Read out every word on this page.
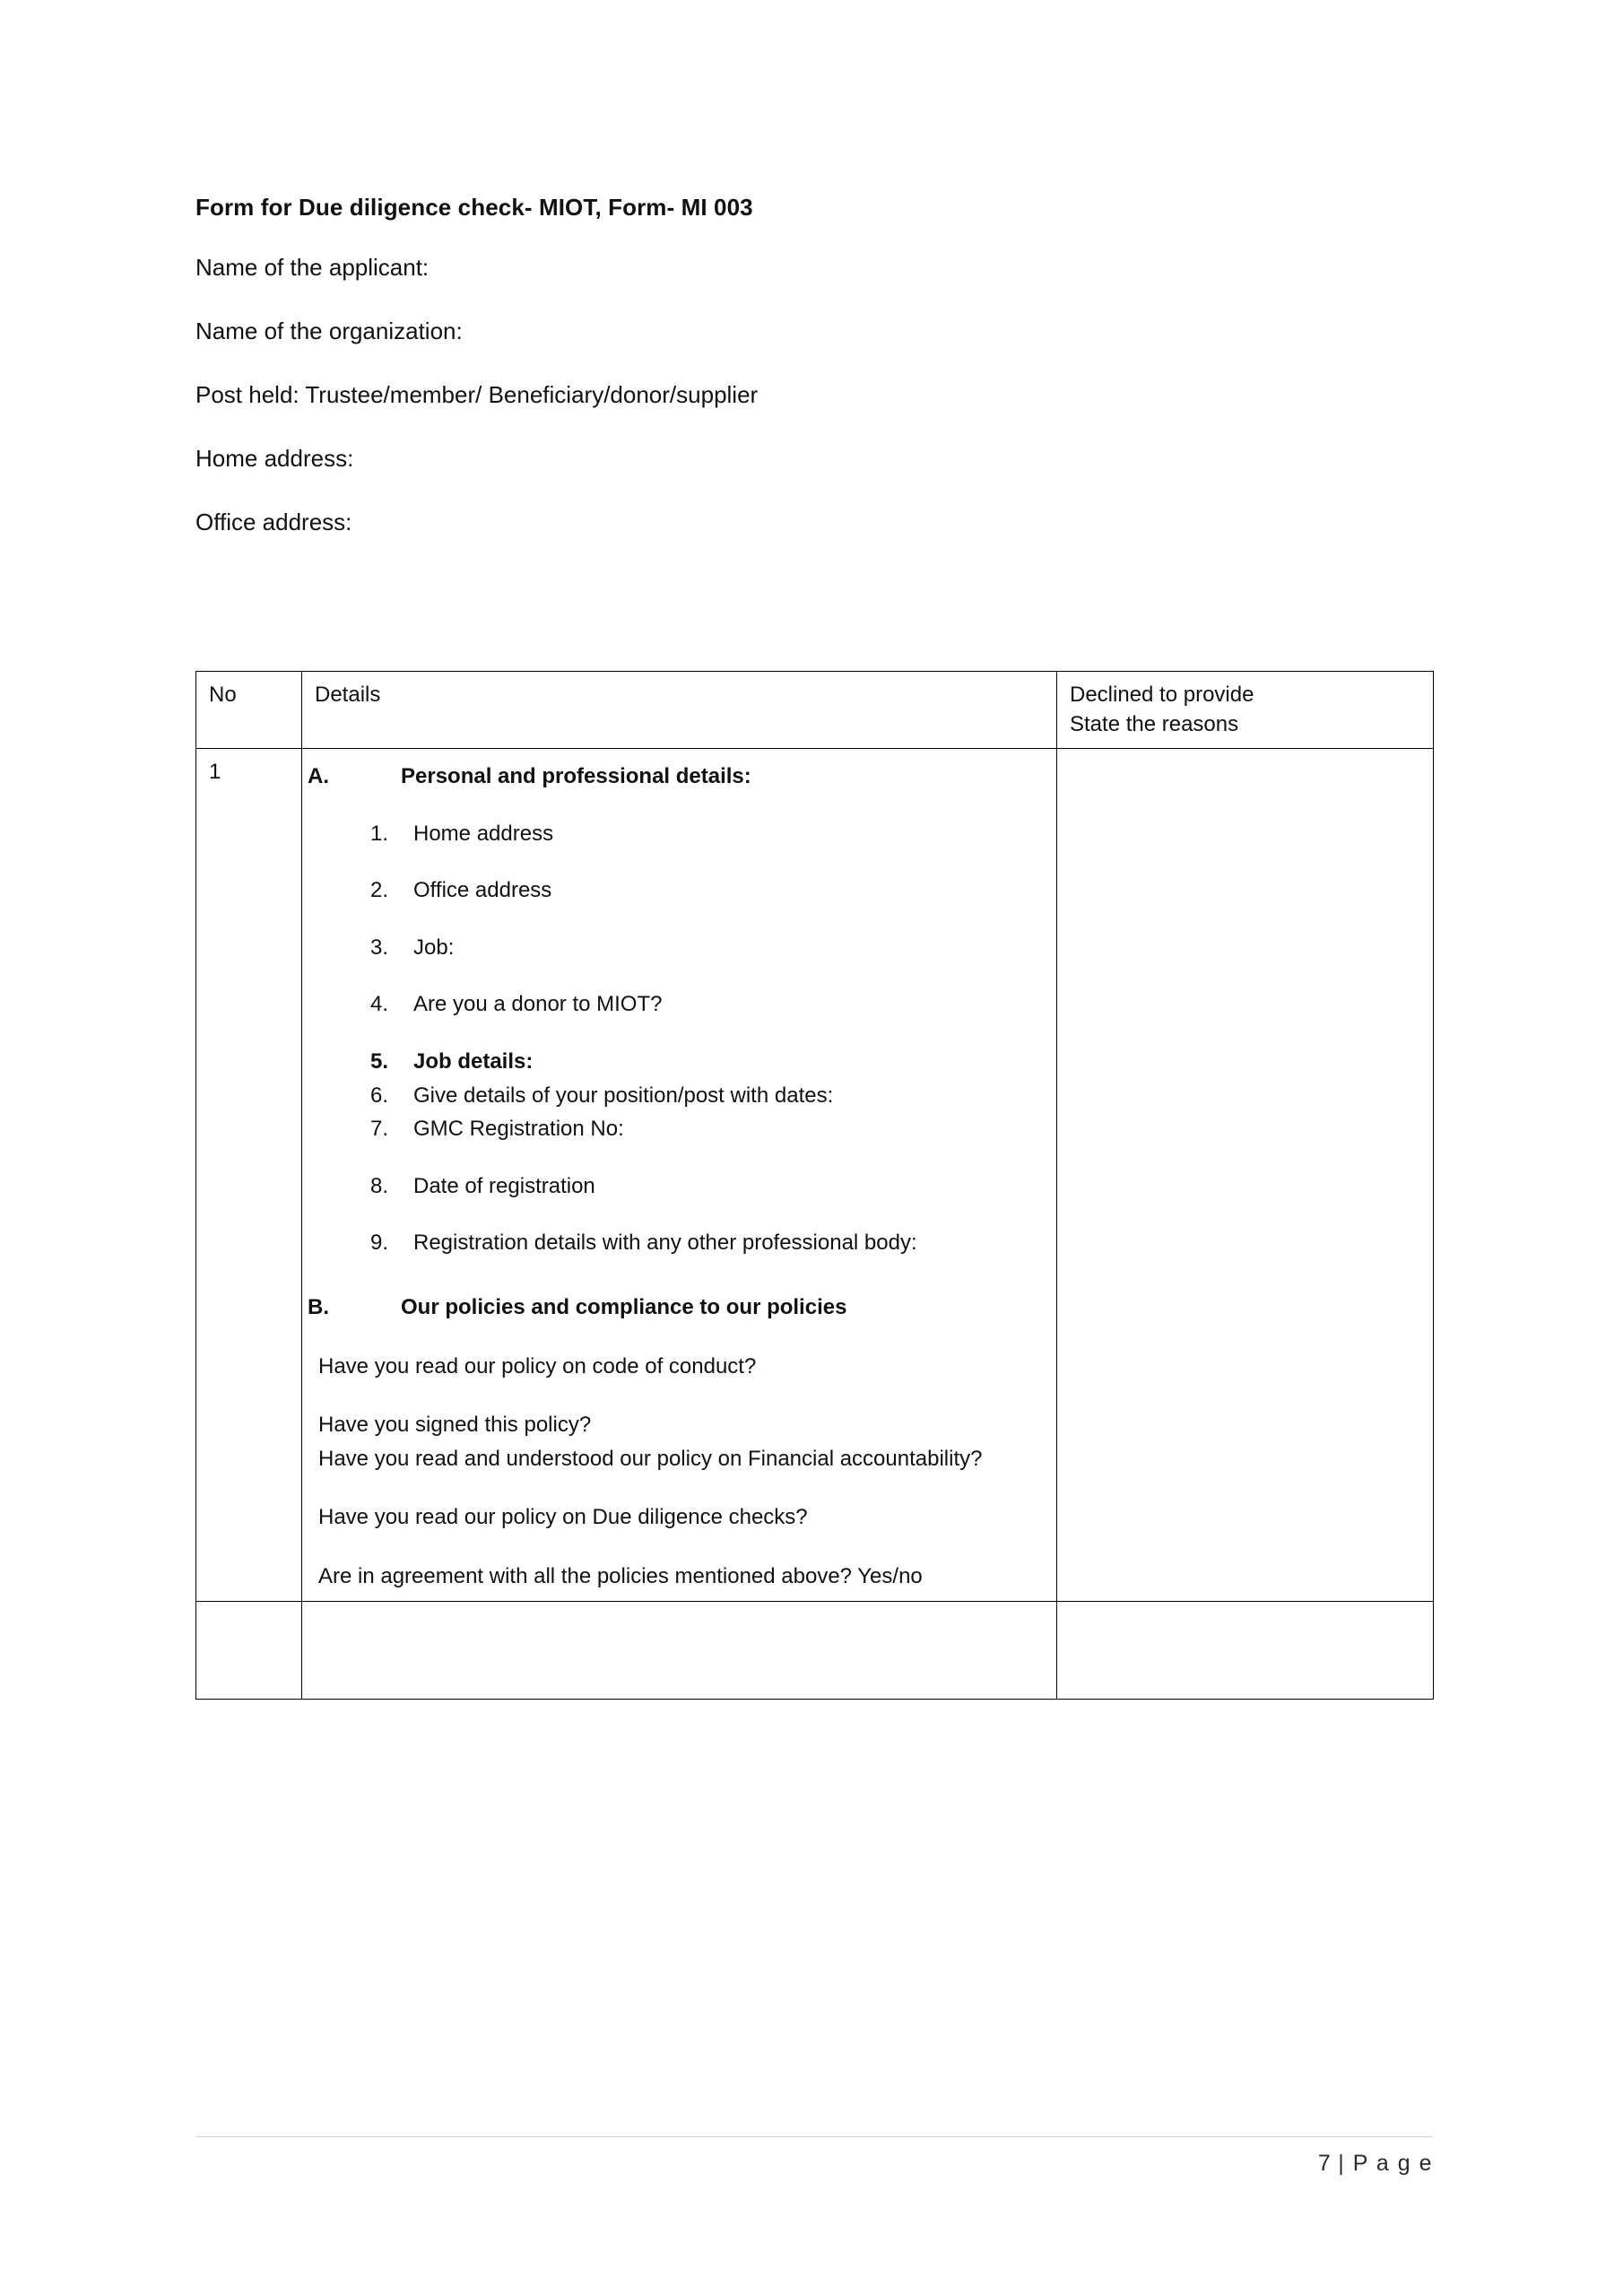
Form for Due diligence check- MIOT, Form- MI 003
Name of the applicant:
Name of the organization:
Post held: Trustee/member/ Beneficiary/donor/supplier
Home address:
Office address:
No	Details	Declined to provide
State the reasons

1	A.	Personal and professional details:

1.	Home address
2.	Office address
3.	Job:
4.	Are you a donor to MIOT?
5.	Job details:
6.	Give details of your position/post with dates:
7.	GMC Registration No:
8.	Date of registration
9.	Registration details with any other professional body:

B.	Our policies and compliance to our policies

Have you read our policy on code of conduct?

Have you signed this policy?

Have you read and understood our policy on Financial accountability?

Have you read our policy on Due diligence checks?

Are in agreement with all the policies mentioned above? Yes/no

7 | P a g e
